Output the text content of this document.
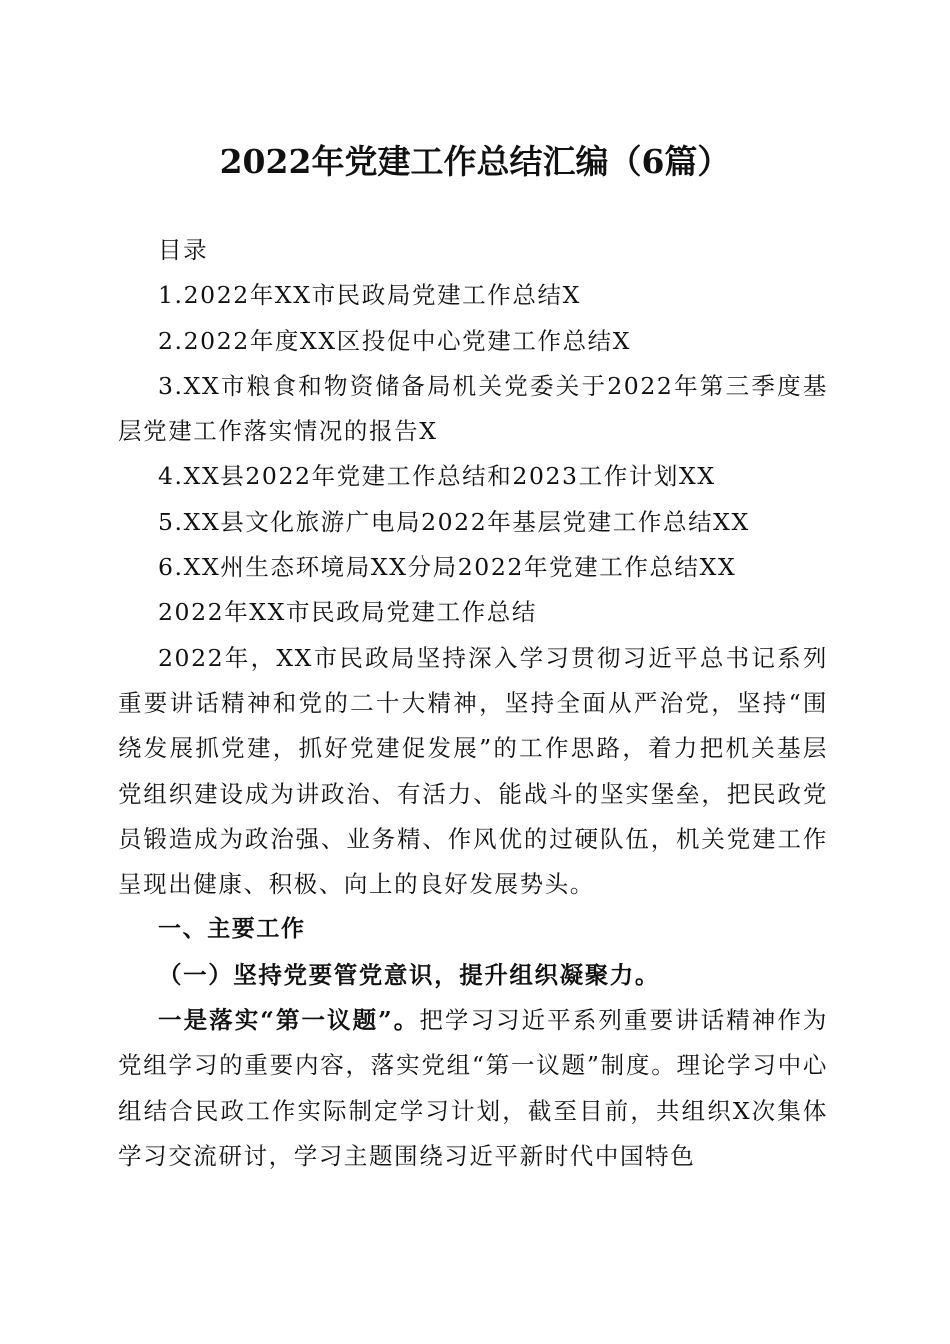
2022年党建工作总结汇编（6篇）
目录
1.2022年XX市民政局党建工作总结X
2.2022年度XX区投促中心党建工作总结X
3.XX市粮食和物资储备局机关党委关于2022年第三季度基层党建工作落实情况的报告X
4.XX县2022年党建工作总结和2023工作计划XX
5.XX县文化旅游广电局2022年基层党建工作总结XX
6.XX州生态环境局XX分局2022年党建工作总结XX
2022年XX市民政局党建工作总结
2022年，XX市民政局坚持深入学习贯彻习近平总书记系列重要讲话精神和党的二十大精神，坚持全面从严治党，坚持“围绕发展抓党建，抓好党建促发展”的工作思路，着力把机关基层党组织建设成为讲政治、有活力、能战斗的坚实堡垒，把民政党员锻造成为政治强、业务精、作风优的过硬队伍，机关党建工作呈现出健康、积极、向上的良好发展势头。
一、主要工作
（一）坚持党要管党意识，提升组织凝聚力。
一是落实“第一议题”。把学习习近平系列重要讲话精神作为党组学习的重要内容，落实党组“第一议题”制度。理论学习中心组结合民政工作实际制定学习计划，截至目前，共组织X次集体学习交流研讨，学习主题围绕习近平新时代中国特色
